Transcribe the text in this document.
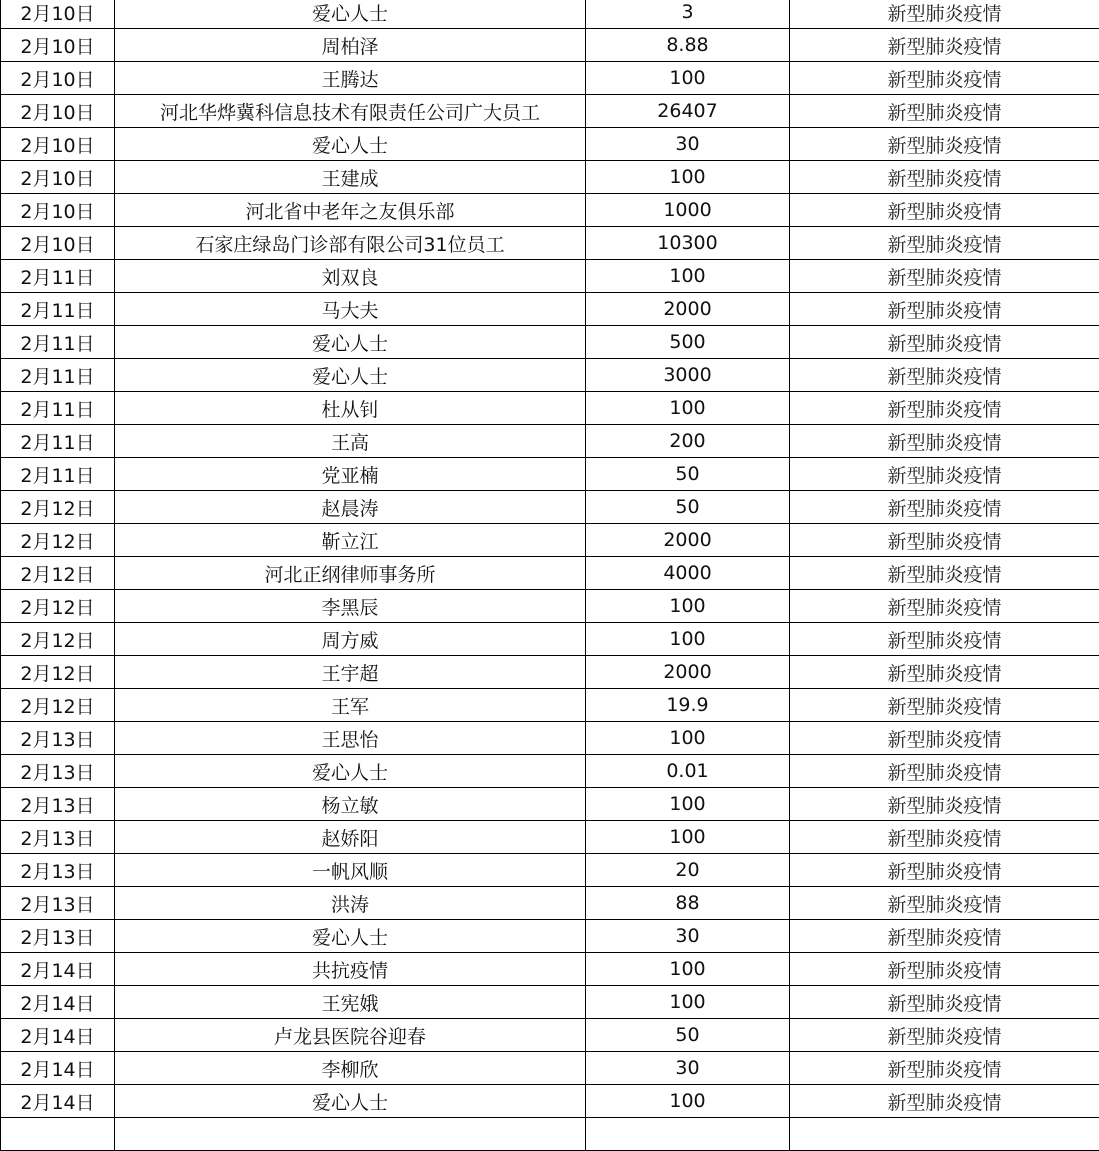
2月10日	爱心人士	3	新型肺炎疫情
2月10日	周柏泽	8.88	新型肺炎疫情
2月10日	王腾达	100	新型肺炎疫情
2月10日	河北华烨冀科信息技术有限责任公司广大员工	26407	新型肺炎疫情
2月10日	爱心人士	30	新型肺炎疫情
2月10日	王建成	100	新型肺炎疫情
2月10日	河北省中老年之友俱乐部	1000	新型肺炎疫情
2月10日	石家庄绿岛门诊部有限公司31位员工	10300	新型肺炎疫情
2月11日	刘双良	100	新型肺炎疫情
2月11日	马大夫	2000	新型肺炎疫情
2月11日	爱心人士	500	新型肺炎疫情
2月11日	爱心人士	3000	新型肺炎疫情
2月11日	杜从钊	100	新型肺炎疫情
2月11日	王高	200	新型肺炎疫情
2月11日	党亚楠	50	新型肺炎疫情
2月12日	赵晨涛	50	新型肺炎疫情
2月12日	靳立江	2000	新型肺炎疫情
2月12日	河北正纲律师事务所	4000	新型肺炎疫情
2月12日	李黑辰	100	新型肺炎疫情
2月12日	周方威	100	新型肺炎疫情
2月12日	王宇超	2000	新型肺炎疫情
2月12日	王军	19.9	新型肺炎疫情
2月13日	王思怡	100	新型肺炎疫情
2月13日	爱心人士	0.01	新型肺炎疫情
2月13日	杨立敏	100	新型肺炎疫情
2月13日	赵娇阳	100	新型肺炎疫情
2月13日	一帆风顺	20	新型肺炎疫情
2月13日	洪涛	88	新型肺炎疫情
2月13日	爱心人士	30	新型肺炎疫情
2月14日	共抗疫情	100	新型肺炎疫情
2月14日	王宪娥	100	新型肺炎疫情
2月14日	卢龙县医院谷迎春	50	新型肺炎疫情
2月14日	李柳欣	30	新型肺炎疫情
2月14日	爱心人士	100	新型肺炎疫情
